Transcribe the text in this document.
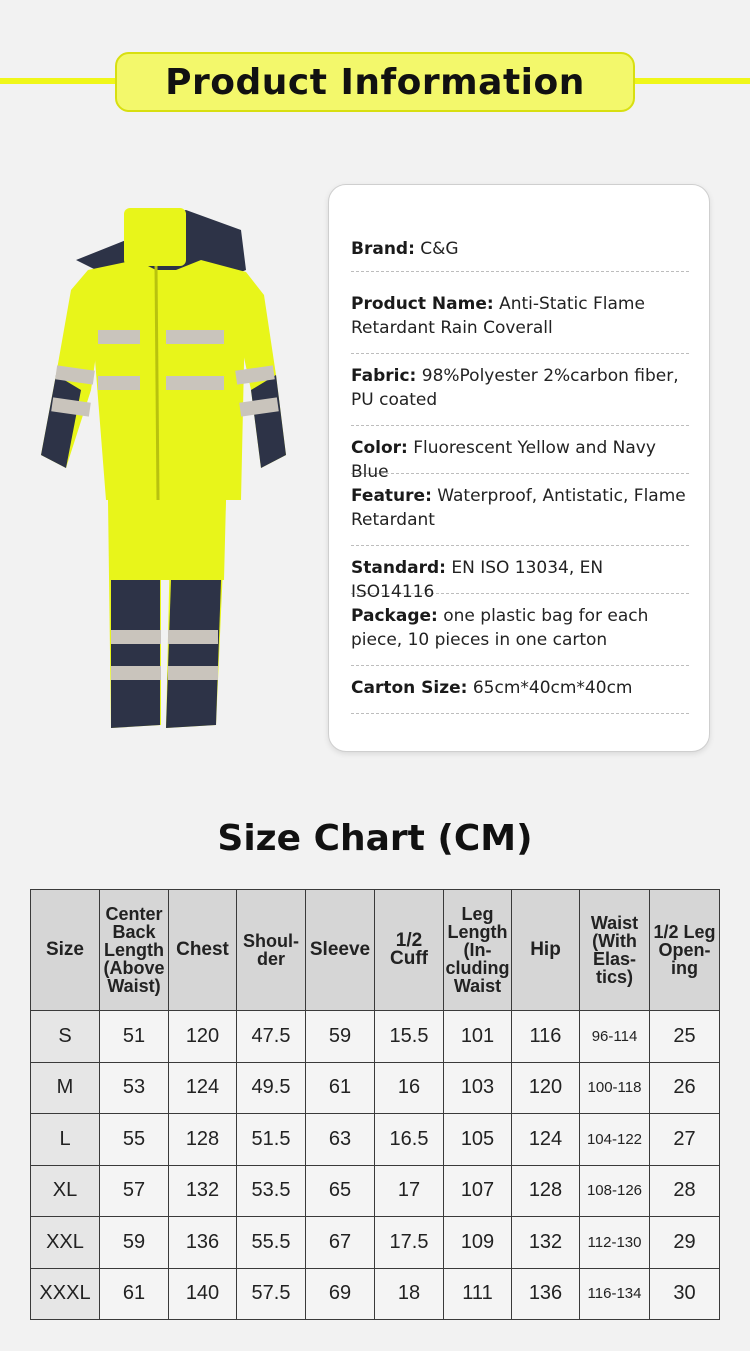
Product Information
Brand: C&G
Product Name: Anti-Static Flame Retardant Rain Coverall
Fabric: 98%Polyester 2%carbon fiber, PU coated
Color: Fluorescent Yellow and Navy Blue
Feature: Waterproof, Antistatic, Flame Retardant
Standard: EN ISO 13034, EN ISO14116
Package: one plastic bag for each piece, 10 pieces in one carton
Carton Size: 65cm*40cm*40cm
Size Chart (CM)
Size	Center Back Length (Above Waist)	Chest	Shoul-der	Sleeve	1/2 Cuff	Leg Length (In-cluding Waist	Hip	Waist (With Elas-tics)	1/2 Leg Open-ing
S	51	120	47.5	59	15.5	101	116	96-114	25
M	53	124	49.5	61	16	103	120	100-118	26
L	55	128	51.5	63	16.5	105	124	104-122	27
XL	57	132	53.5	65	17	107	128	108-126	28
XXL	59	136	55.5	67	17.5	109	132	112-130	29
XXXL	61	140	57.5	69	18	111	136	116-134	30
